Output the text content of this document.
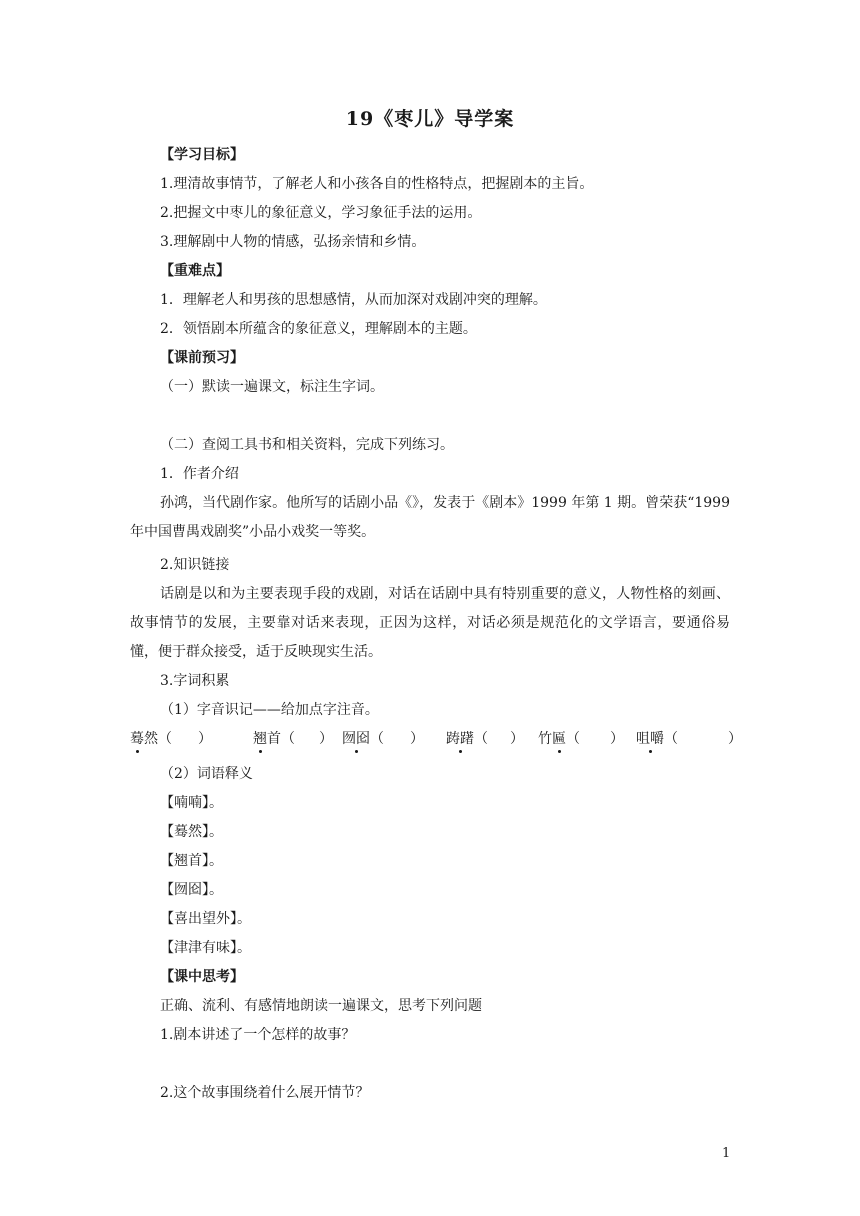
19《枣儿》导学案
【学习目标】
1.理清故事情节，了解老人和小孩各自的性格特点，把握剧本的主旨。
2.把握文中枣儿的象征意义，学习象征手法的运用。
3.理解剧中人物的情感，弘扬亲情和乡情。
【重难点】
1．理解老人和男孩的思想感情，从而加深对戏剧冲突的理解。
2．领悟剧本所蕴含的象征意义，理解剧本的主题。
【课前预习】
（一）默读一遍课文，标注生字词。
（二）查阅工具书和相关资料，完成下列练习。
1．作者介绍
孙鸿，当代剧作家。他所写的话剧小品《》，发表于《剧本》1999 年第 1 期。曾荣获“1999 年中国曹禺戏剧奖”小品小戏奖一等奖。
2.知识链接
话剧是以和为主要表现手段的戏剧，对话在话剧中具有特别重要的意义，人物性格的刻画、故事情节的发展，主要靠对话来表现，正因为这样，对话必须是规范化的文学语言，要通俗易懂，便于群众接受，适于反映现实生活。
3.字词积累
（1）字音识记——给加点字注音。
蓦然（ ）	翘首（ ） 囫囵（ ） 踌躇（ ） 竹匾（ ） 咀嚼（	）
（2）词语释义
【喃喃】。
【蓦然】。
【翘首】。
【囫囵】。
【喜出望外】。
【津津有味】。
【课中思考】
正确、流利、有感情地朗读一遍课文，思考下列问题
1.剧本讲述了一个怎样的故事？
2.这个故事围绕着什么展开情节？
1
